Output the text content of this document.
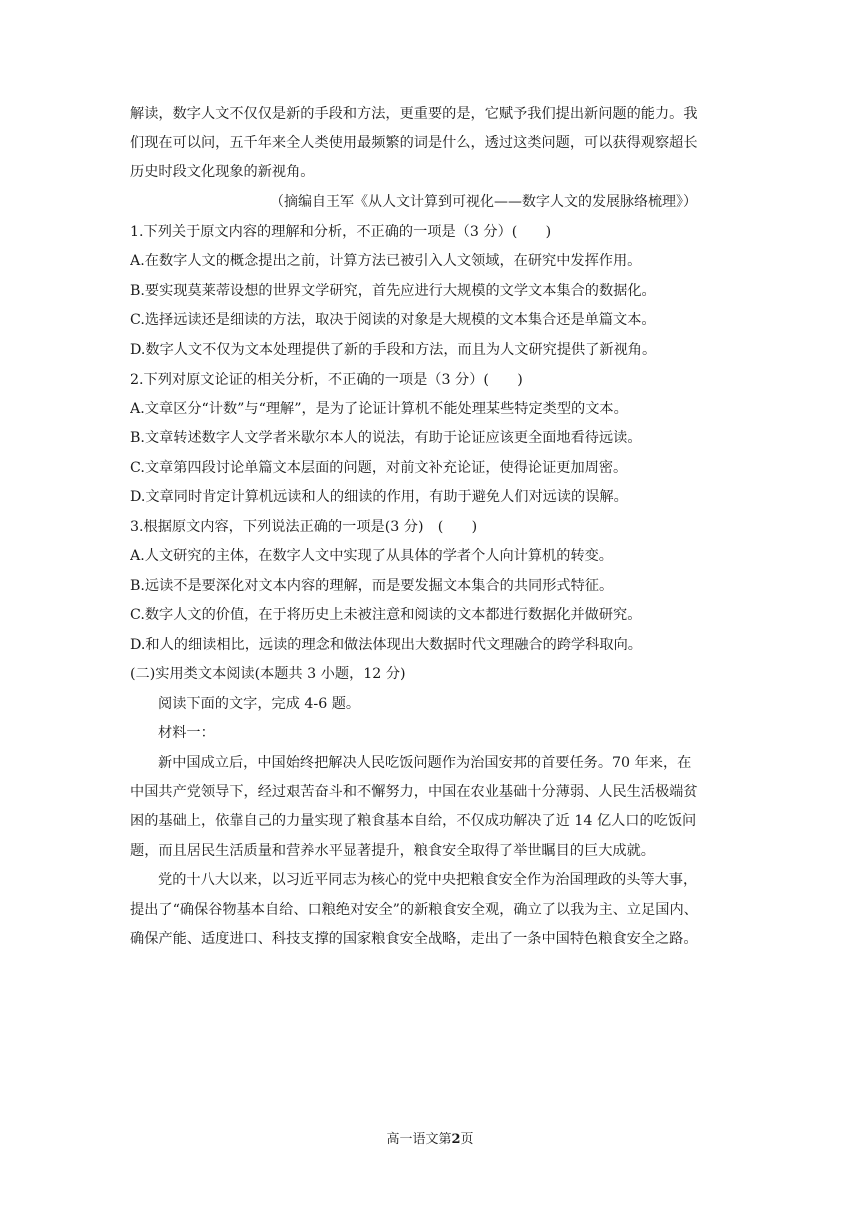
解读，数字人文不仅仅是新的手段和方法，更重要的是，它赋予我们提出新问题的能力。我
们现在可以问，五千年来全人类使用最频繁的词是什么，透过这类问题，可以获得观察超长
历史时段文化现象的新视角。
（摘编自王军《从人文计算到可视化——数字人文的发展脉络梳理》）
1.下列关于原文内容的理解和分析，不正确的一项是（3 分）(　　)
A.在数字人文的概念提出之前，计算方法已被引入人文领域，在研究中发挥作用。
B.要实现莫莱蒂设想的世界文学研究，首先应进行大规模的文学文本集合的数据化。
C.选择远读还是细读的方法，取决于阅读的对象是大规模的文本集合还是单篇文本。
D.数字人文不仅为文本处理提供了新的手段和方法，而且为人文研究提供了新视角。
2.下列对原文论证的相关分析，不正确的一项是（3 分）(　　)
A.文章区分“计数”与“理解”，是为了论证计算机不能处理某些特定类型的文本。
B.文章转述数字人文学者米歇尔本人的说法，有助于论证应该更全面地看待远读。
C.文章第四段讨论单篇文本层面的问题，对前文补充论证，使得论证更加周密。
D.文章同时肯定计算机远读和人的细读的作用，有助于避免人们对远读的误解。
3.根据原文内容，下列说法正确的一项是(3 分)　(　　)
A.人文研究的主体，在数字人文中实现了从具体的学者个人向计算机的转变。
B.远读不是要深化对文本内容的理解，而是要发掘文本集合的共同形式特征。
C.数字人文的价值，在于将历史上未被注意和阅读的文本都进行数据化并做研究。
D.和人的细读相比，远读的理念和做法体现出大数据时代文理融合的跨学科取向。
(二)实用类文本阅读(本题共 3 小题，12 分)
阅读下面的文字，完成 4-6 题。
材料一：
新中国成立后，中国始终把解决人民吃饭问题作为治国安邦的首要任务。70 年来，在
中国共产党领导下，经过艰苦奋斗和不懈努力，中国在农业基础十分薄弱、人民生活极端贫
困的基础上，依靠自己的力量实现了粮食基本自给，不仅成功解决了近 14 亿人口的吃饭问
题，而且居民生活质量和营养水平显著提升，粮食安全取得了举世瞩目的巨大成就。
党的十八大以来，以习近平同志为核心的党中央把粮食安全作为治国理政的头等大事，
提出了“确保谷物基本自给、口粮绝对安全”的新粮食安全观，确立了以我为主、立足国内、
确保产能、适度进口、科技支撑的国家粮食安全战略，走出了一条中国特色粮食安全之路。
高一语文第2页
